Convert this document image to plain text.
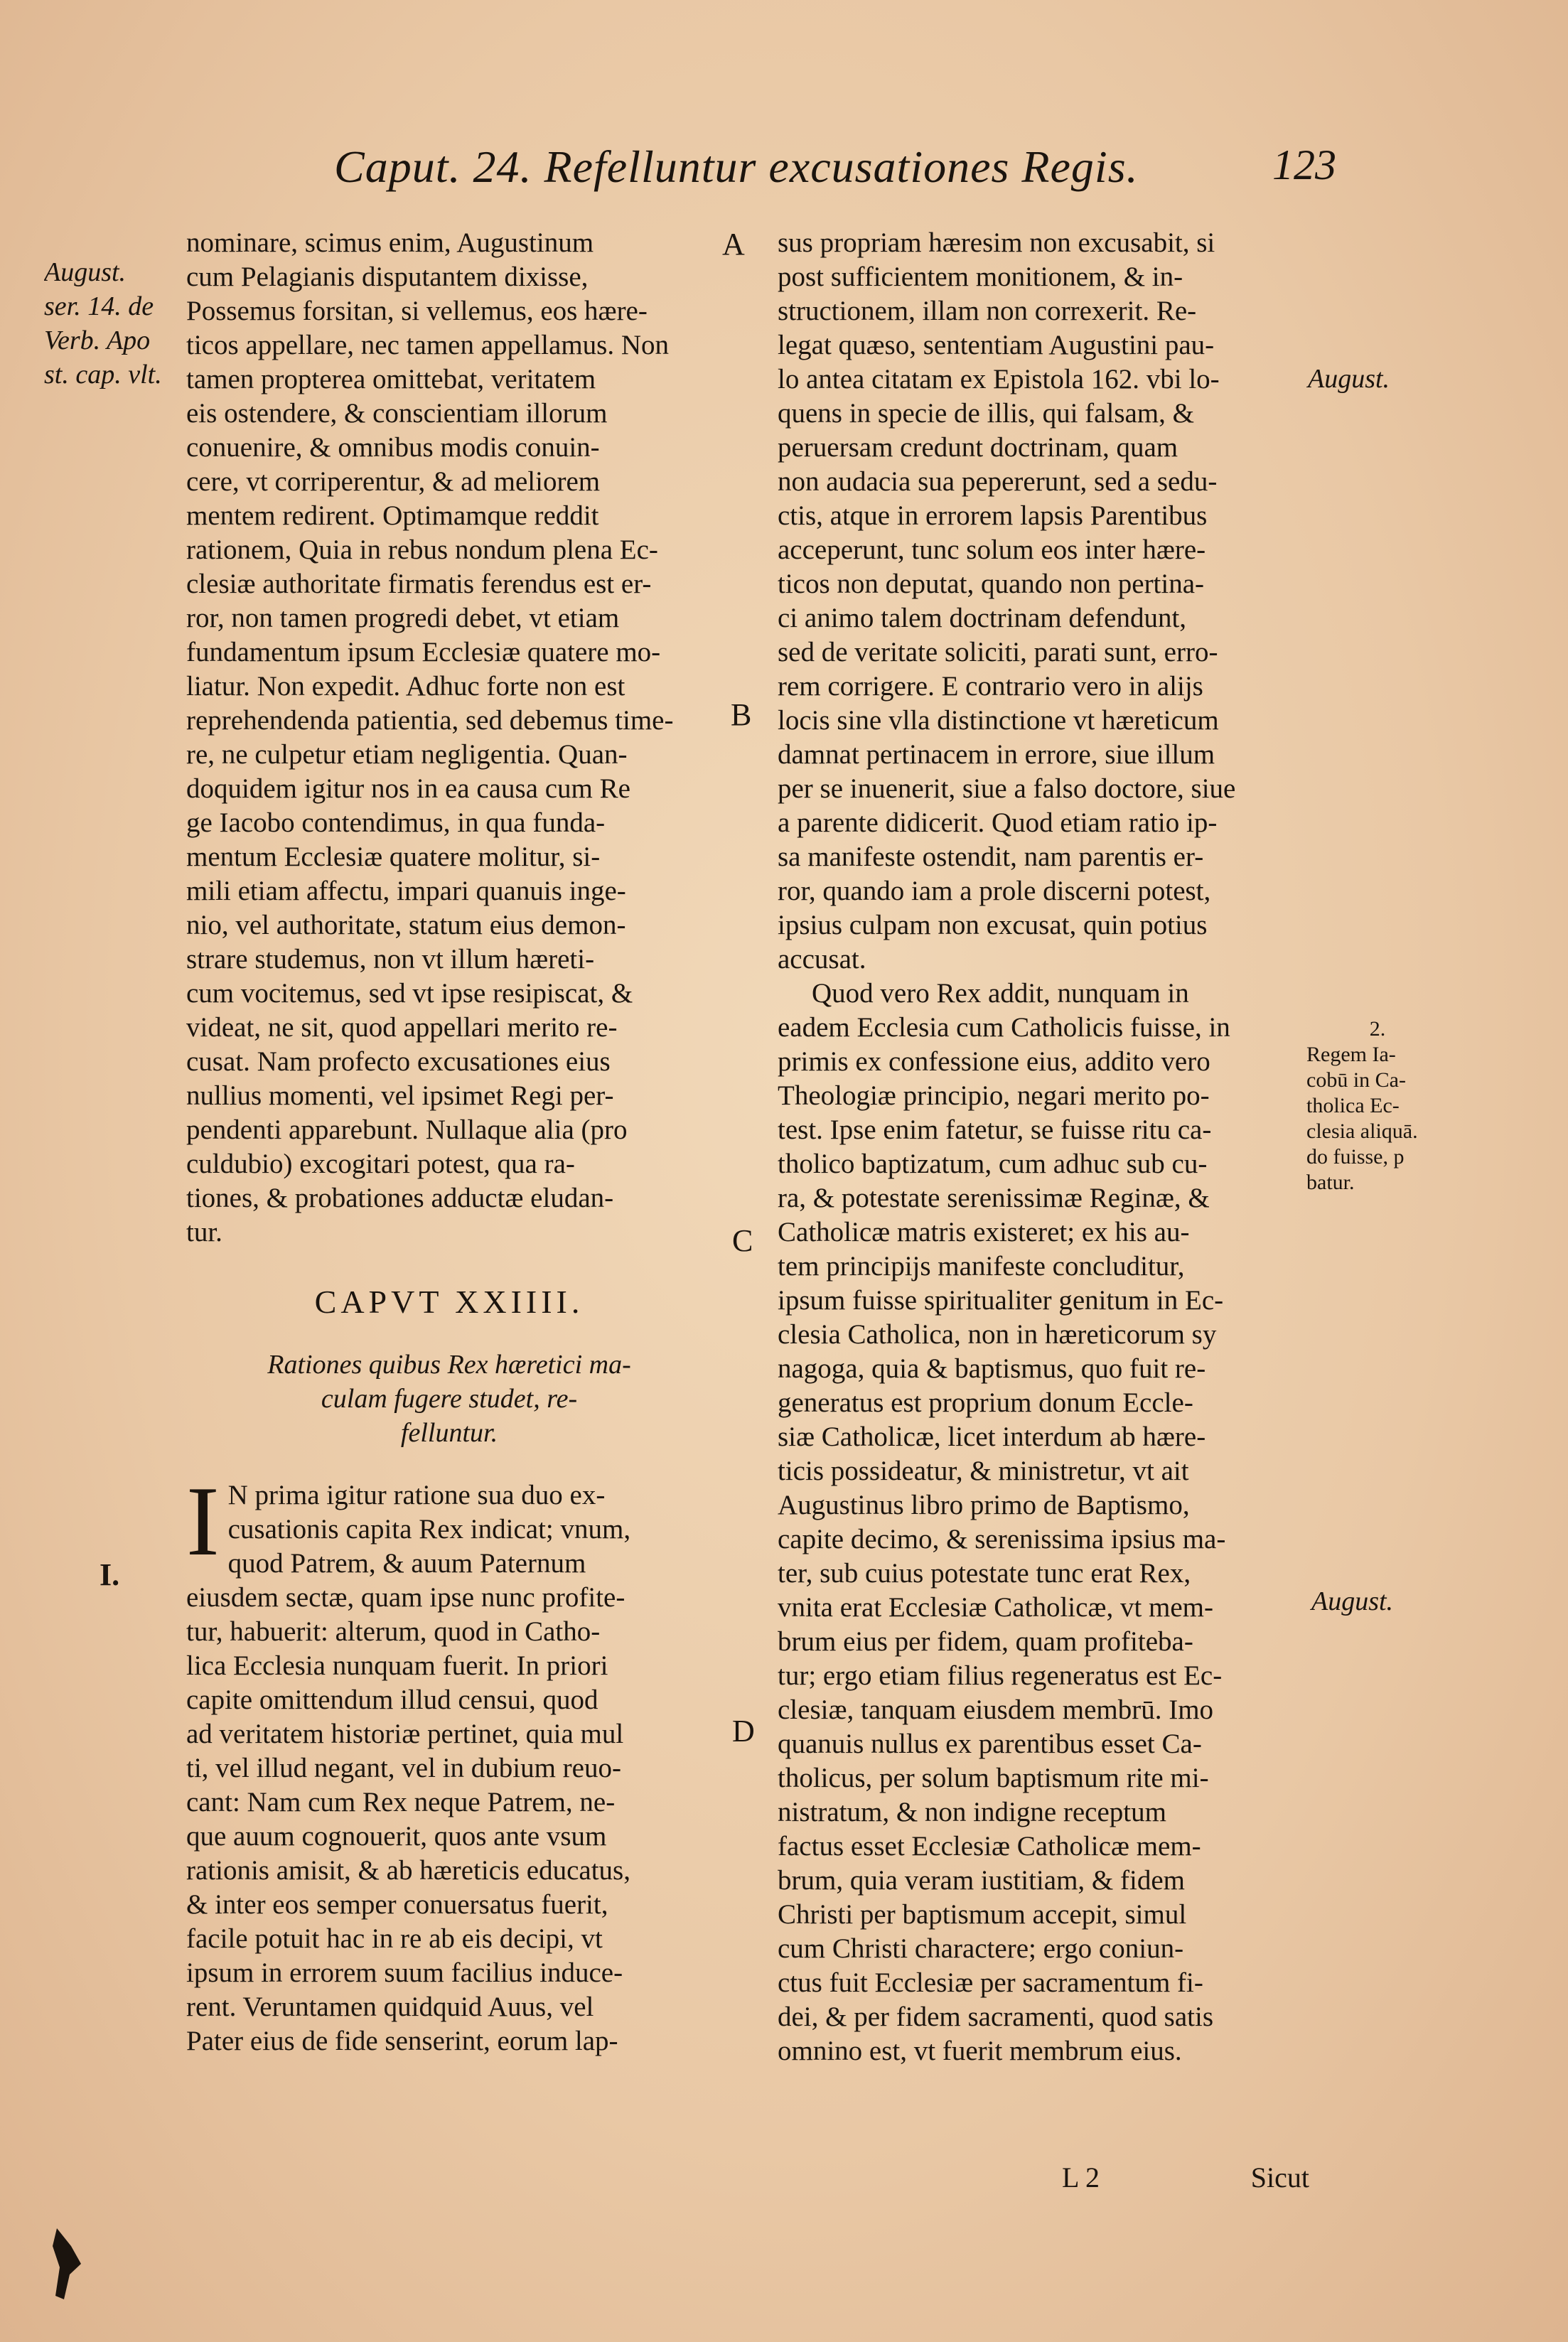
Caput. 24. Refelluntur excusationes Regis.	123
August.
ser. 14. de
Verb. Apo
st. cap. vlt.
I.
A
B
C
D
nominare, scimus enim, Augustinum
cum Pelagianis disputantem dixisse,
Possemus forsitan, si vellemus, eos hære-
ticos appellare, nec tamen appellamus. Non
tamen propterea omittebat, veritatem
eis ostendere, & conscientiam illorum
conuenire, & omnibus modis conuin-
cere, vt corriperentur, & ad meliorem
mentem redirent. Optimamque reddit
rationem, Quia in rebus nondum plena Ec-
clesiæ authoritate firmatis ferendus est er-
ror, non tamen progredi debet, vt etiam
fundamentum ipsum Ecclesiæ quatere mo-
liatur. Non expedit. Adhuc forte non est
reprehendenda patientia, sed debemus time-
re, ne culpetur etiam negligentia. Quan-
doquidem igitur nos in ea causa cum Re
ge Iacobo contendimus, in qua funda-
mentum Ecclesiæ quatere molitur, si-
mili etiam affectu, impari quanuis inge-
nio, vel authoritate, statum eius demon-
strare studemus, non vt illum hæreti-
cum vocitemus, sed vt ipse resipiscat, &
videat, ne sit, quod appellari merito re-
cusat. Nam profecto excusationes eius
nullius momenti, vel ipsimet Regi per-
pendenti apparebunt. Nullaque alia (pro
culdubio) excogitari potest, qua ra-
tiones, & probationes adductæ eludan-
tur.
CAPVT XXIIII.
Rationes quibus Rex hæretici ma-
culam fugere studet, re-
felluntur.
I N prima igitur ratione sua duo ex-
cusationis capita Rex indicat; vnum,
quod Patrem, & auum Paternum
eiusdem sectæ, quam ipse nunc profite-
tur, habuerit: alterum, quod in Catho-
lica Ecclesia nunquam fuerit. In priori
capite omittendum illud censui, quod
ad veritatem historiæ pertinet, quia mul
ti, vel illud negant, vel in dubium reuo-
cant: Nam cum Rex neque Patrem, ne-
que auum cognouerit, quos ante vsum
rationis amisit, & ab hæreticis educatus,
& inter eos semper conuersatus fuerit,
facile potuit hac in re ab eis decipi, vt
ipsum in errorem suum facilius induce-
rent. Veruntamen quidquid Auus, vel
Pater eius de fide senserint, eorum lap-
sus propriam hæresim non excusabit, si
post sufficientem monitionem, & in-
structionem, illam non correxerit. Re-
legat quæso, sententiam Augustini pau-
lo antea citatam ex Epistola 162. vbi lo-
quens in specie de illis, qui falsam, &
peruersam credunt doctrinam, quam
non audacia sua pepererunt, sed a sedu-
ctis, atque in errorem lapsis Parentibus
acceperunt, tunc solum eos inter hære-
ticos non deputat, quando non pertina-
ci animo talem doctrinam defendunt,
sed de veritate soliciti, parati sunt, erro-
rem corrigere. E contrario vero in alijs
locis sine vlla distinctione vt hæreticum
damnat pertinacem in errore, siue illum
per se inuenerit, siue a falso doctore, siue
a parente didicerit. Quod etiam ratio ip-
sa manifeste ostendit, nam parentis er-
ror, quando iam a prole discerni potest,
ipsius culpam non excusat, quin potius
accusat.
Quod vero Rex addit, nunquam in
eadem Ecclesia cum Catholicis fuisse, in
primis ex confessione eius, addito vero
Theologiæ principio, negari merito po-
test. Ipse enim fatetur, se fuisse ritu ca-
tholico baptizatum, cum adhuc sub cu-
ra, & potestate serenissimæ Reginæ, &
Catholicæ matris existeret; ex his au-
tem principijs manifeste concluditur,
ipsum fuisse spiritualiter genitum in Ec-
clesia Catholica, non in hæreticorum sy
nagoga, quia & baptismus, quo fuit re-
generatus est proprium donum Eccle-
siæ Catholicæ, licet interdum ab hære-
ticis possideatur, & ministretur, vt ait
Augustinus libro primo de Baptismo,
capite decimo, & serenissima ipsius ma-
ter, sub cuius potestate tunc erat Rex,
vnita erat Ecclesiæ Catholicæ, vt mem-
brum eius per fidem, quam profiteba-
tur; ergo etiam filius regeneratus est Ec-
clesiæ, tanquam eiusdem membrū. Imo
quanuis nullus ex parentibus esset Ca-
tholicus, per solum baptismum rite mi-
nistratum, & non indigne receptum
factus esset Ecclesiæ Catholicæ mem-
brum, quia veram iustitiam, & fidem
Christi per baptismum accepit, simul
cum Christi charactere; ergo coniun-
ctus fuit Ecclesiæ per sacramentum fi-
dei, & per fidem sacramenti, quod satis
omnino est, vt fuerit membrum eius.
August.
2.
Regem Ia-
cobū in Ca-
tholica Ec-
clesia aliquā.
do fuisse, p
batur.
August.
L 2	Sicut
